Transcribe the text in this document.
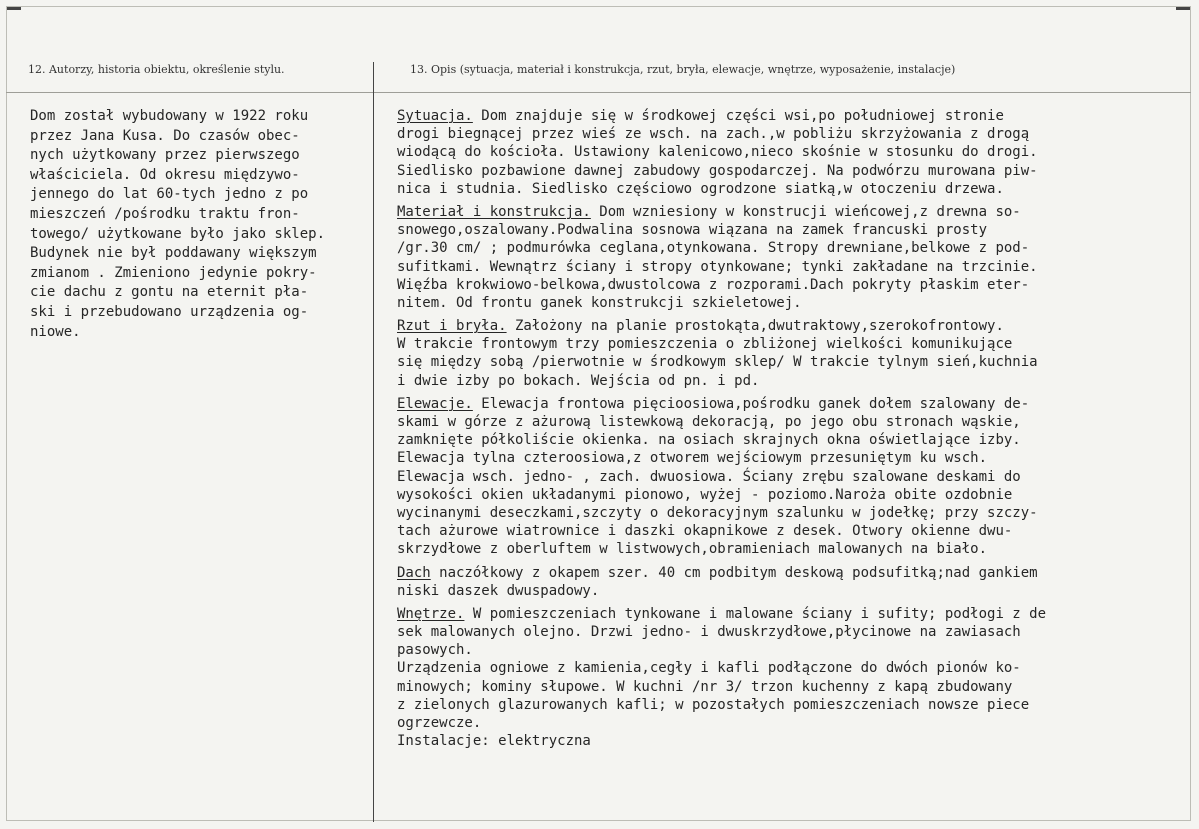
12. Autorzy, historia obiektu, określenie stylu.	13. Opis (sytuacja, materiał i konstrukcja, rzut, bryła, elewacje, wnętrze, wyposażenie, instalacje)
Dom został wybudowany w 1922 roku
przez Jana Kusa. Do czasów obec-
nych użytkowany przez pierwszego
właściciela. Od okresu międzywo-
jennego do lat 60-tych jedno z po
mieszczeń /pośrodku traktu fron-
towego/ użytkowane było jako sklep.
Budynek nie był poddawany większym
zmianom . Zmieniono jedynie pokry-
cie dachu z gontu na eternit pła-
ski i przebudowano urządzenia og-
niowe.
Sytuacja. Dom znajduje się w środkowej części wsi,po południowej stronie
drogi biegnącej przez wieś ze wsch. na zach.,w pobliżu skrzyżowania z drogą
wiodącą do kościoła. Ustawiony kalenicowo,nieco skośnie w stosunku do drogi.
Siedlisko pozbawione dawnej zabudowy gospodarczej. Na podwórzu murowana piw-
nica i studnia. Siedlisko częściowo ogrodzone siatką,w otoczeniu drzewa.
Materiał i konstrukcja. Dom wzniesiony w konstrucji wieńcowej,z drewna so-
snowego,oszalowany.Podwalina sosnowa wiązana na zamek francuski prosty
/gr.30 cm/ ; podmurówka ceglana,otynkowana. Stropy drewniane,belkowe z pod-
sufitkami. Wewnątrz ściany i stropy otynkowane; tynki zakładane na trzcinie.
Więźba krokwiowo-belkowa,dwustolcowa z rozporami.Dach pokryty płaskim eter-
nitem. Od frontu ganek konstrukcji szkieletowej.
Rzut i bryła. Założony na planie prostokąta,dwutraktowy,szerokofrontowy.
W trakcie frontowym trzy pomieszczenia o zbliżonej wielkości komunikujące
się między sobą /pierwotnie w środkowym sklep/ W trakcie tylnym sień,kuchnia
i dwie izby po bokach. Wejścia od pn. i pd.
Elewacje. Elewacja frontowa pięcioosiowa,pośrodku ganek dołem szalowany de-
skami w górze z ażurową listewkową dekoracją, po jego obu stronach wąskie,
zamknięte półkoliście okienka. na osiach skrajnych okna oświetlające izby.
Elewacja tylna czteroosiowa,z otworem wejściowym przesuniętym ku wsch.
Elewacja wsch. jedno- , zach. dwuosiowa. Ściany zrębu szalowane deskami do
wysokości okien układanymi pionowo, wyżej - poziomo.Naroża obite ozdobnie
wycinanymi deseczkami,szczyty o dekoracyjnym szalunku w jodełkę; przy szczy-
tach ażurowe wiatrownice i daszki okapnikowe z desek. Otwory okienne dwu-
skrzydłowe z oberluftem w listwowych,obramieniach malowanych na biało.
Dach naczółkowy z okapem szer. 40 cm podbitym deskową podsufitką;nad gankiem
niski daszek dwuspadowy.
Wnętrze. W pomieszczeniach tynkowane i malowane ściany i sufity; podłogi z de
sek malowanych olejno. Drzwi jedno- i dwuskrzydłowe,płycinowe na zawiasach
pasowych.
Urządzenia ogniowe z kamienia,cegły i kafli podłączone do dwóch pionów ko-
minowych; kominy słupowe. W kuchni /nr 3/ trzon kuchenny z kapą zbudowany
z zielonych glazurowanych kafli; w pozostałych pomieszczeniach nowsze piece
ogrzewcze.
Instalacje: elektryczna
